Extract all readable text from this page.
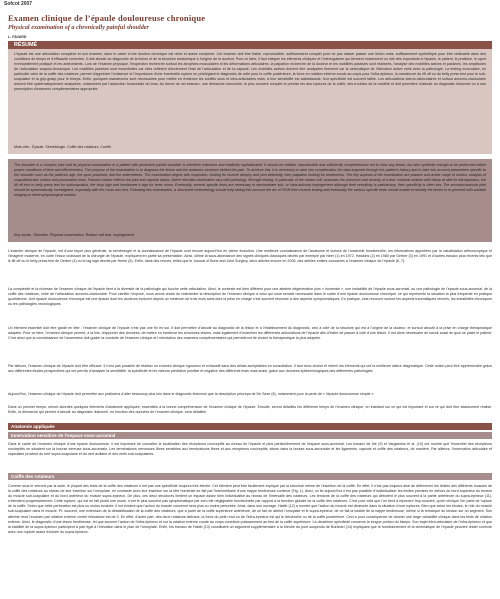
Sofcot 2007
Examen clinique de l’épaule douloureuse chronique
Physical examination of a chronically painful shoulder
L. FAVARD
RÉSUMÉ
L’épaule est une articulation complexe et son examen, dans le cadre d’une douleur chronique est riche et assez complexe. Cet examen doit être fiable, reproductible, suffisamment complet pour ne pas laisser passer une lésion mais, suffisamment synthétique pour être réalisable dans des conditions de temps et d’efficacité correctes. Il doit aboutir au diagnostic de la lésion et de la structure anatomique à l’origine de la douleur. Pour ce faire, il faut intégrer les éléments cliniques et l’interrogatoire qui tiennent notamment un rôle très importants à l’épaule, le patient, le praticien, le sport éventuellement pratiqué et les antécédents. Lors de l’examen physique, l’inspection recherche surtout les atrophies musculaires et les déformations articulaires, la palpation recherche de la douleur et les mobilités passives sont réalisées, l’analyse des mobilités actives et passives, les amplitudes de l’articulation scapulo-thoracique. Les mobilités passives sont essentielles car elles reflètent directement l’état de l’articulation et de la capsule. Les mobilités actives doivent être analysées finement car la cinématique de l’élévation active varie avec la pathologie. La testing musculaire, en particulier celui de la coiffe des rotateurs, permet d’apprécier l’existence et l’importance d’une éventuelle rupture en privilégiant le diagnostic de celle pour la coiffe postérieure, la force en rotation externe coude au corps pour l’infra-épineux, la manœuvre du lift off ou du belly press test pour le sub-scapulaire et la grip-grasp pour le biceps. Enfin, quelques manœuvres sont nécessaires pour mettre en évidence les conflits sous et intra-articulaires mais, à leur sensibilité est satisfaisante, leur spécificité est souvent faible. Les articulations sterno-claviculaires et surtout acromio-claviculaire doivent être systématiquement analysées, notamment par l’adduction horizontale du bras. Au terme de cet examen, une démarche structurée, le plus souvent complet et précise les des ruptures de la coiffe, des troubles de la mobilité et doit permettre d’aboutir au diagnostic lésionnel ou à une prescription d’examens complémentaires appropriée.
Mots clés : Épaule. Séméiologie. Coiffe des rotateurs. Conflit.
The shoulder is a complex joint and its physical examination in a patient with persistent painful shoulder is therefore extensive and relatively sophisticated. It should be reliable, reproducible and sufficiently comprehensive not to miss any lesion, but also synthetic enough to be performed within proper conditions of time and effectiveness. The purpose of the examination is to diagnose the lesion and the anatomic structure behind the pain. To achieve this, it is necessary to take into consideration the data acquired through the patient’s history and to take into account parameters specific to the shoulder such as the patient’s age, the sport practised, and the antecedents. The examination begins with inspection, looking for muscle atrophy and joint deformity, then palpation looking for tenderness. The key aspects of the examination are passive and active range of motion, analysis of scapulothoracic motion and provocation tests. Passive motion reflects the joint and capsule status. Active elevation kinematics vary with pathology. Strength testing, in particular of the rotator cuff, assesses the presence and severity of a tear: external rotation with elbow at side for infraspinatus, the lift off test or belly press test for subscapularis, the drop sign and hornblower’s sign for teres minor. Eventually, several specific tests are necessary to demonstrate sub- or intra-articular impingement although their sensitivity is satisfactory, their specificity is often low. The acromioclavicular joint should be systematically investigated, especially with the cross arm test. Following this examination, a structured methodology should help taking into account the arc of ROM then muscle testing and eventually the various specific tests should enable to identify the lesion or to proceed with suitable imaging or electrophysiological studies.
Key words : Shoulder. Physical examination. Rotator cuff tear. Impingement.
L’examen clinique de l’épaule, est d’une façon plus générale, la séméiologie et la connaissance de l’épaule sont encore aujourd’hui en pleine évolution. Une meilleure connaissance de l’anatomie et surtout de l’anatomie fonctionnelle, les informations apportées par la visualisation arthroscopique et l’imagerie moderne, en outre l’essor croissant de la chirurgie de l’épaule, expliquent en partie sa présentation. Ainsi, ultime la sous-abondance des signes cliniques classiques décrits par exemple par Neer (1) en 1972, Hawkins (2) en 1980 par Gerber (3) en 1991 et d’autres travaux plus récents tels que le lift off ou le belly press test de Gerber (4) ou le lag sign décrits par Hertel (5). Enfin, dans des revues, telles que le Journal of Bone and Joint Surgery, deux articles encore en 2005, des articles entiers consacrés à l’examen clinique de l’épaule (6, 7).
La complexité et la richesse de l’examen clinique de l’épaule tient à la diversité de la pathologie qui touche cette articulation. Ainsi, le contexte est bien différent pour une atteinte dégénérative plus « humérale », une instabilité de l’épaule sous-acromial, ou une pathologie de l’épaule sous-acromial, de la coiffe des rotateurs, voire de l’articulation acromio-claviculaire. Pour clarifier l’exposé, nous avons choisi de restreindre la description de l’examen clinique à celui qui nous semble nécessaire dans le cadre d’une épaule douloureuse chronique, ce qui représente la situation la plus fréquente en pratique quotidienne. Une épaule douloureuse chronique est une épaule dont les douleurs évoluent depuis un minimum de trois mois sans dont la prise en charge s’est souvent résumée à des aspects symptomatiques. En pratique, cela recouvre surtout les aspects traumatiques récents, les instabilités chroniques ou les pathologies neurologiques.
Un élément essentiel doit être gardé en tête : l’examen clinique de l’épaule n’est pas une fin en soi. Il doit permettre d’aboutir au diagnostic de la lésion et à l’établissement du diagnostic, ceci à côté de la structure qui est à l’origine de la douleur, et surtout aboutir à la prise en charge thérapeutique adaptée. Pour ce faire, l’examen clinique permet, à la fois, d’apporter des données, de mettre en évidence les structures lésées, mais également d’examiner les différentes articulations de l’épaule afin d’éviter de passer à côté d’une lésion. Il est alors nécessaire de savoir aussi de quoi se plaint le patient. C’est ainsi que la connaissance de l’anamnèse doit guider la conduite de l’examen clinique et l’orientation des examens complémentaires qui permettront de choisir la thérapeutique la plus adaptée.
Par ailleurs, l’examen clinique de l’épaule doit être efficace. Il n’est pas possible de réaliser un examen clinique rigoureux et exhaustif dans des délais acceptables en consultation. Il faut donc choisir et retenir les éléments qui ont la meilleure valeur diagnostique. Cette notion peut être appréhendée grâce aux différentes études prospectives qui ont permis d’analyser la sensibilité, la spécificité et les valeurs prédictive positive et négative des différents tests mais aussi, grâce aux données épidémiologiques des différentes pathologies.
Aujourd’hui, l’examen clinique de l’épaule doit permettre aux praticiens d’aller beaucoup plus loin dans le diagnostic lésionnel que la description princeps de De Sèze (8), notamment pour la perte de « l’épaule douloureuse simple ».
Dans un premier temps, seront abordés quelques éléments d’anatomie appliquée, essentiels à la bonne compréhension de l’examen clinique de l’épaule. Ensuite, seront détaillés les différents temps de l’examen clinique, en insistant sur ce qui est important et sur ce qui doit être absolument réalisé. Enfin, la démarche qui permet d’aboutir au diagnostic lésionnel, en fonction des données de l’examen clinique, sera détaillée.
Anatomie appliquée
Innervation sensitive de l’espace sous-acromial
Dans le cadre de l’examen clinique d’une épaule douloureuse, il est important de connaître la localisation des récepteurs nociceptifs au niveau de l’épaule et plus particulièrement de l’espace sous-acromial. Les travaux de Ide (9) et Vangsness et al. (10) ont montré que l’essentiel des récepteurs nociceptifs se situaient sur la bourse séreuse sous-acromiale. Les terminaisons nerveuses libres sensibles aux terminaisons libres et aux récepteurs nociceptifs, situés dans la bourse sous-acromiale et les ligaments, capsule et coiffe des rotateurs, de manière. Par ailleurs, l’innervation articulaire et capsulaire provient du nerf supra-scapulaire et du nerf axillaire et des nerfs sub-scapulaires.
Coiffe des rotateurs
Comme nous le verrons par la suite, le plupart des tests de la coiffe des rotateurs n’ont pas une spécificité toujours très élevée. Cet élément peut être facilement expliqué par la structure même de l’insertion de la coiffe. En effet, il n’est pas toujours aisé de déterminer les limites des différents muscles de la coiffe des rotateurs au niveau de leur insertion sur l’omoplate, en contraste avec leur insertion sur la tête humérale se fait par l’intermédiaire d’une nappe tendineuse continue (Fig. 1). Ainsi, on lie aujourd’hui n’est pas possible d’individualiser les limites précises en dehors du bord supérieur du tendon du muscle sub-scapulaire et du bord antérieur du muscle supra-épineux. De plus, ces deux structures limitent un espace assez bien individualisé au niveau de l’intervalle des rotateurs. Les tendons de la coiffe des rotateurs qui débutent le plus souvent à la partie antérieure du supra-épineux (11), s’étendent progressivement. Cette rupture, qui est en fait plutôt une usure, n’est le plus souvent pas symptomatique par son rôle négligeable fonctionnelle par rapport à la fonction globale de la coiffe des rotateurs. C’est pour cela que l’on tend à répondre trop souvent, qu’en clinique l’on parle de rupture de la coiffe. Selon que cette perforation est plus ou moins évoluée, il est évident que l’action du muscle concerné sera plus ou moins perturbée. Ainsi, dans son ouvrage, Habib (12) a montré que l’action du muscle est diminuée dans la situation d’une ruptures. Bien que selon les études, le rôle du muscle sub-scapulaire dans le muscle. Pr. souvent, une extension de la déstabilisation de la coiffe des rotateurs, que à partir de la coiffe supérieure antérieure, de ce fait on atteint l’omoplate et le supra-épineux, de ce fait la totalité de la nappe tendineuse, même si la remarque du tendon sur un segment. Son atteinte rend l’examen par rotation externe contre résistance est de 0. En effet, d’autre part, des deux rotateurs latéraux, la force du petit rond ou de l’infra-épineux est qui le déclenche ou de la coiffe postérieure. Ceci a pour conséquence de donner une large variabilité clinique dans les tests de rotation externe. Ainsi, le diagnostic d’une lésion tendineuse, tel que souvent l’action de l’infra-épineux et sur la rotation externe coude au corps contribue puissamment au test de la coiffe supérieure. La deuxième spécificité concerne la longue portion du biceps. Son trajet intra-articulaire de l’infra-épineux et que la stabilité de la supra-épineux participent à part égal à l’élévation dans le plan de l’omoplate. Enfin, les travaux de Habib (13) constituent un argument supplémentaire à la théorie du pont suspendu de Burkhart (14) expliquant que le fonctionnement et la cinématique de l’épaule peuvent rester correcte avec une rupture assez évoluée du supra-épineux.
